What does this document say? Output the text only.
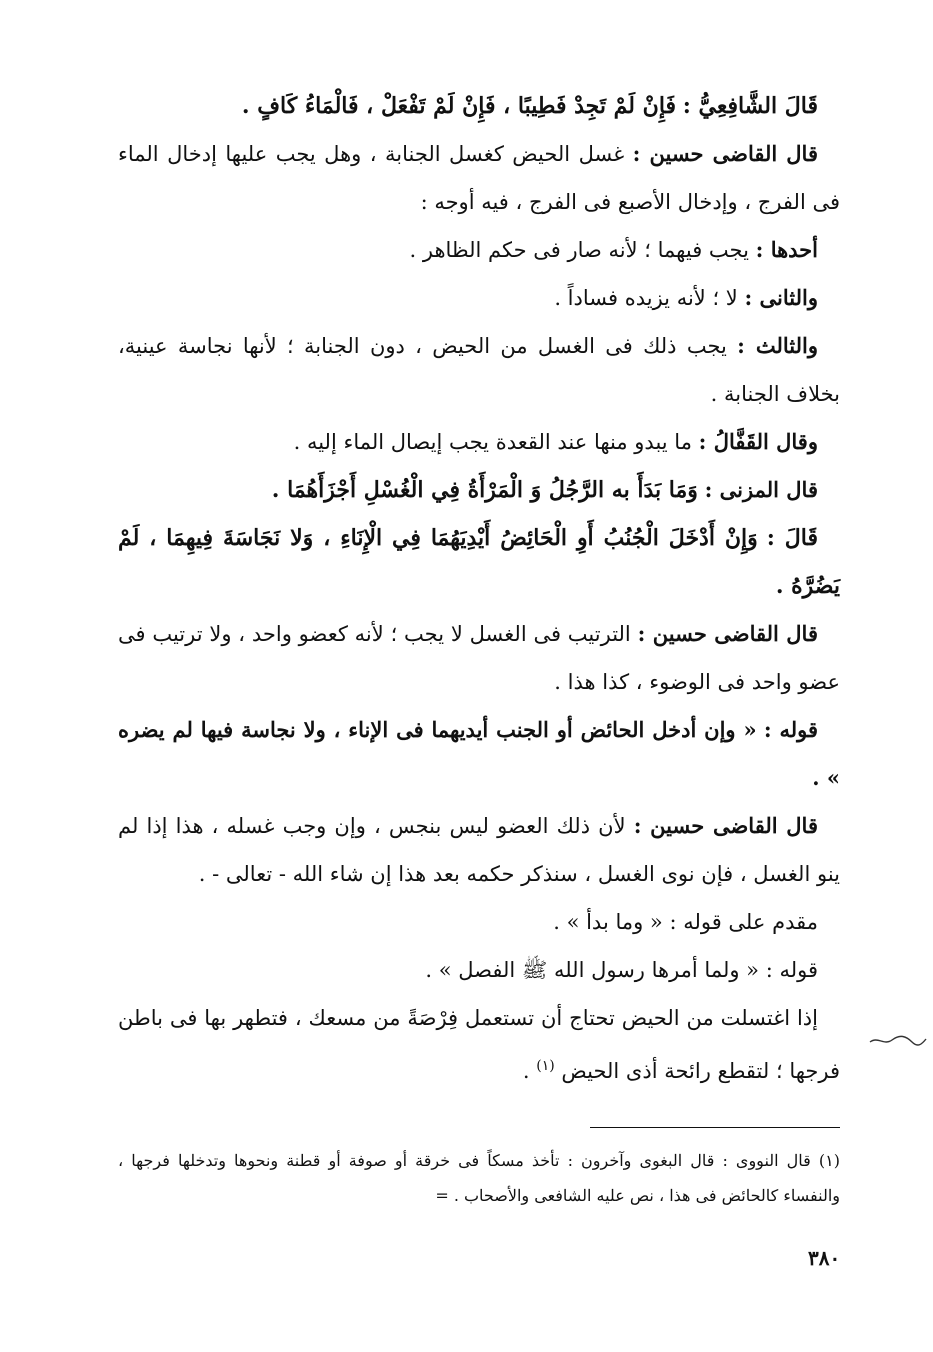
قَالَ الشَّافِعِيُّ : فَإِنْ لَمْ تَجِدْ فَطِيبًا ، فَإِنْ لَمْ تَفْعَلْ ، فَالْمَاءُ كَافٍ .

قال القاضى حسين : غسل الحيض كغسل الجنابة ، وهل يجب عليها إدخال الماء فى الفرج ، وإدخال الأصبع فى الفرج ، فيه أوجه :

أحدها : يجب فيهما ؛ لأنه صار فى حكم الظاهر .

والثانى : لا ؛ لأنه يزيده فساداً .

والثالث : يجب ذلك فى الغسل من الحيض ، دون الجنابة ؛ لأنها نجاسة عينية، بخلاف الجنابة .

وقال القَفَّالُ : ما يبدو منها عند القعدة يجب إيصال الماء إليه .

قال المزنى : وَمَا بَدَأَ به الرَّجُلُ وَ الْمَرْأَةُ فِي الْغُسْلِ أَجْزَأَهُمَا .

قَالَ : وَإِنْ أَدْخَلَ الْجُنُبُ أَوِ الْحَائِضُ أَيْدِيَهُمَا فِي الْإِنَاءِ ، وَلا نَجَاسَةَ فِيهِمَا ، لَمْ يَضُرَّهُ .

قال القاضى حسين : الترتيب فى الغسل لا يجب ؛ لأنه كعضو واحد ، ولا ترتيب فى عضو واحد فى الوضوء ، كذا هذا .

قوله : « وإن أدخل الحائض أو الجنب أيديهما فى الإناء ، ولا نجاسة فيها لم يضره » .

قال القاضى حسين : لأن ذلك العضو ليس بنجس ، وإن وجب غسله ، هذا إذا لم ينو الغسل ، فإن نوى الغسل ، سنذكر حكمه بعد هذا إن شاء الله - تعالى - .

مقدم على قوله : « وما بدأ » .

قوله : « ولما أمرها رسول الله ﷺ الفصل » .

إذا اغتسلت من الحيض تحتاج أن تستعمل فِرْصَةً من مسعك ، فتطهر بها فى باطن فرجها ؛ لتقطع رائحة أذى الحيض $^{(١)}$ .

(١) قال النووى : قال البغوى وآخرون : تأخذ مسكاً فى خرقة أو صوفة أو قطنة ونحوها وتدخلها فرجها ، والنفساء كالحائض فى هذا ، نص عليه الشافعى والأصحاب . =

٣٨٠
